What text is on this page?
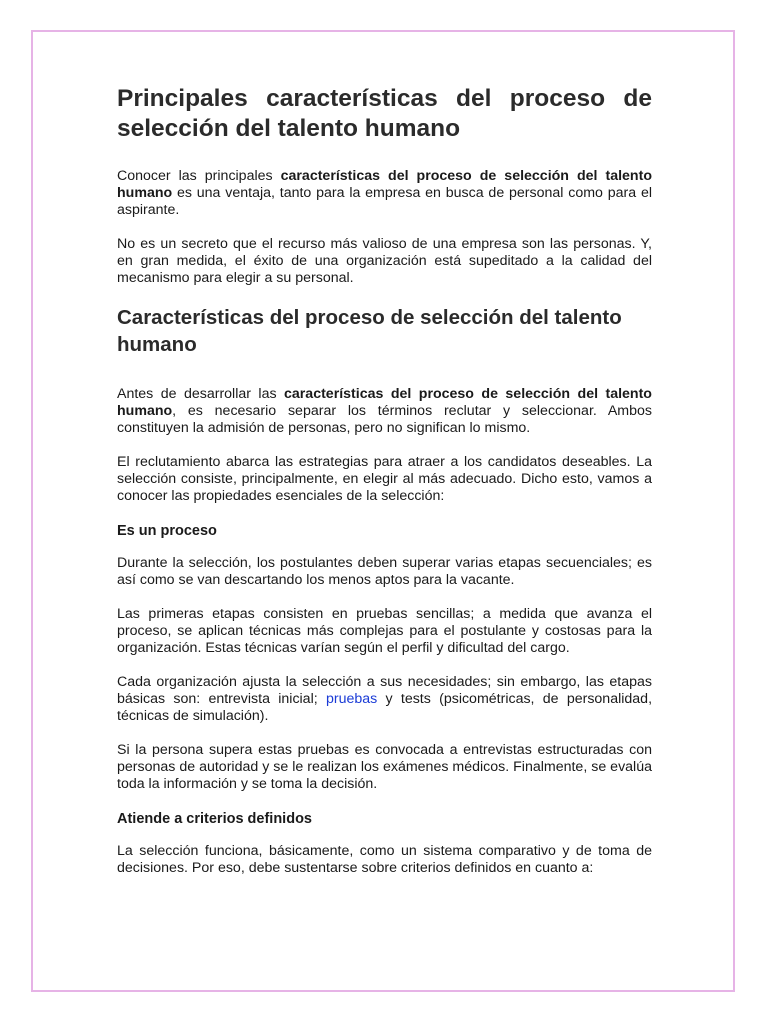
Principales características del proceso de selección del talento humano

Conocer las principales características del proceso de selección del talento humano es una ventaja, tanto para la empresa en busca de personal como para el aspirante.

No es un secreto que el recurso más valioso de una empresa son las personas. Y, en gran medida, el éxito de una organización está supeditado a la calidad del mecanismo para elegir a su personal.

Características del proceso de selección del talento humano

Antes de desarrollar las características del proceso de selección del talento humano, es necesario separar los términos reclutar y seleccionar. Ambos constituyen la admisión de personas, pero no significan lo mismo.

El reclutamiento abarca las estrategias para atraer a los candidatos deseables. La selección consiste, principalmente, en elegir al más adecuado. Dicho esto, vamos a conocer las propiedades esenciales de la selección:

Es un proceso

Durante la selección, los postulantes deben superar varias etapas secuenciales; es así como se van descartando los menos aptos para la vacante.

Las primeras etapas consisten en pruebas sencillas; a medida que avanza el proceso, se aplican técnicas más complejas para el postulante y costosas para la organización. Estas técnicas varían según el perfil y dificultad del cargo.

Cada organización ajusta la selección a sus necesidades; sin embargo, las etapas básicas son: entrevista inicial; pruebas y tests (psicométricas, de personalidad, técnicas de simulación).

Si la persona supera estas pruebas es convocada a entrevistas estructuradas con personas de autoridad y se le realizan los exámenes médicos. Finalmente, se evalúa toda la información y se toma la decisión.

Atiende a criterios definidos

La selección funciona, básicamente, como un sistema comparativo y de toma de decisiones. Por eso, debe sustentarse sobre criterios definidos en cuanto a:
